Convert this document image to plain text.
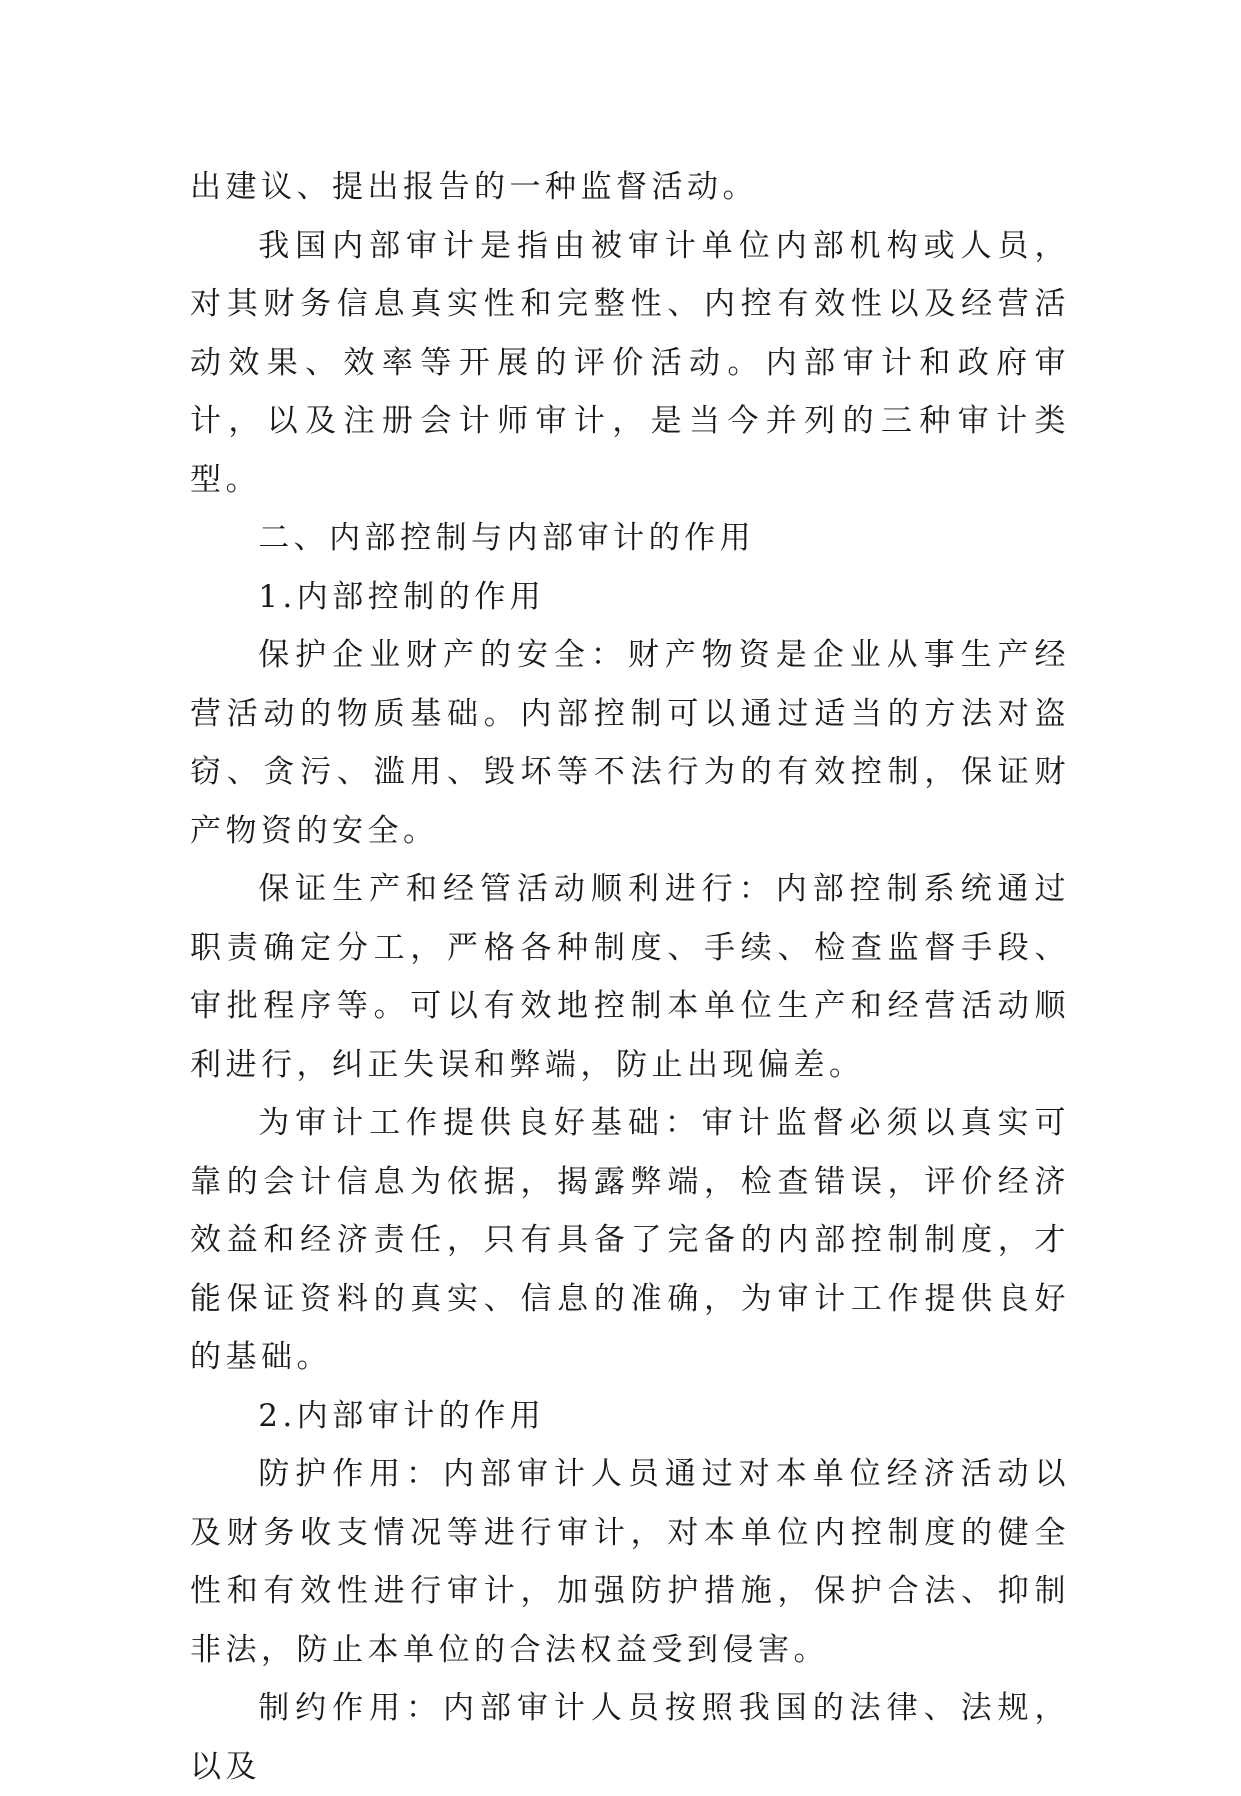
出建议、提出报告的一种监督活动。

我国内部审计是指由被审计单位内部机构或人员，对其财务信息真实性和完整性、内控有效性以及经营活动效果、效率等开展的评价活动。内部审计和政府审计，以及注册会计师审计，是当今并列的三种审计类型。

二、内部控制与内部审计的作用

1.内部控制的作用

保护企业财产的安全：财产物资是企业从事生产经营活动的物质基础。内部控制可以通过适当的方法对盗窃、贪污、滥用、毁坏等不法行为的有效控制，保证财产物资的安全。

保证生产和经管活动顺利进行：内部控制系统通过职责确定分工，严格各种制度、手续、检查监督手段、审批程序等。可以有效地控制本单位生产和经营活动顺利进行，纠正失误和弊端，防止出现偏差。

为审计工作提供良好基础：审计监督必须以真实可靠的会计信息为依据，揭露弊端，检查错误，评价经济效益和经济责任，只有具备了完备的内部控制制度，才能保证资料的真实、信息的准确，为审计工作提供良好的基础。

2.内部审计的作用

防护作用：内部审计人员通过对本单位经济活动以及财务收支情况等进行审计，对本单位内控制度的健全性和有效性进行审计，加强防护措施，保护合法、抑制非法，防止本单位的合法权益受到侵害。

制约作用：内部审计人员按照我国的法律、法规，以及
